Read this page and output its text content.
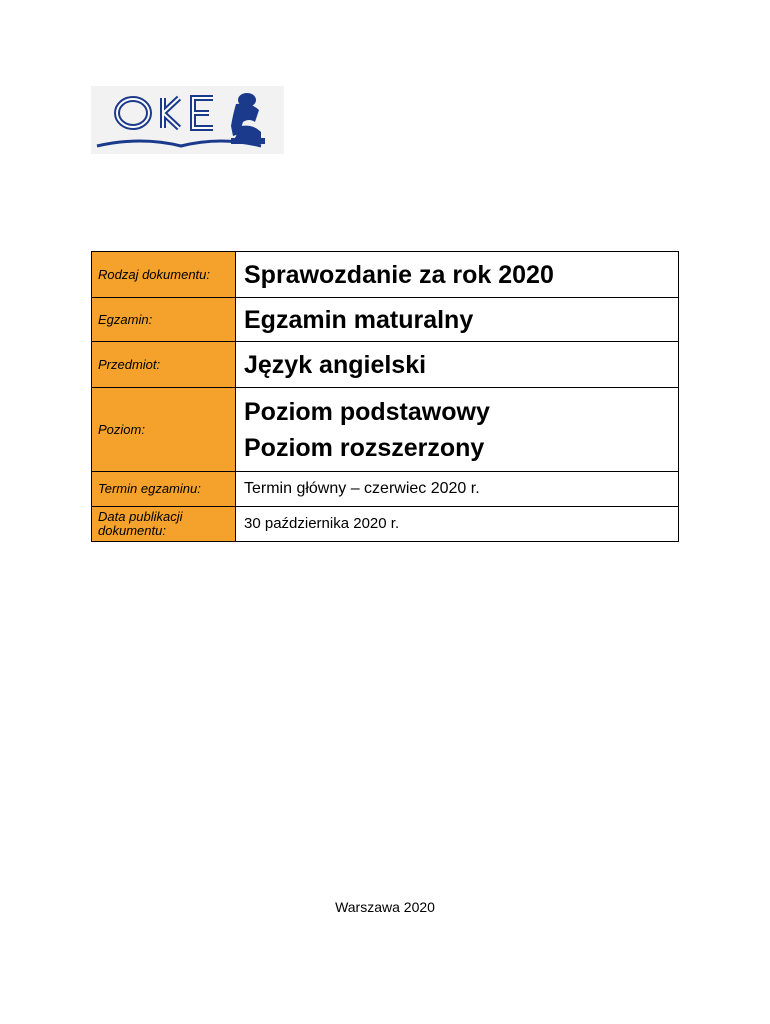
Rodzaj dokumentu:	Sprawozdanie za rok 2020
Egzamin:	Egzamin maturalny
Przedmiot:	Język angielski
Poziom:	Poziom podstawowy
Poziom rozszerzony

Termin egzaminu:	Termin główny – czerwiec 2020 r.
Data publikacji dokumentu:	30 października 2020 r.
Warszawa 2020
